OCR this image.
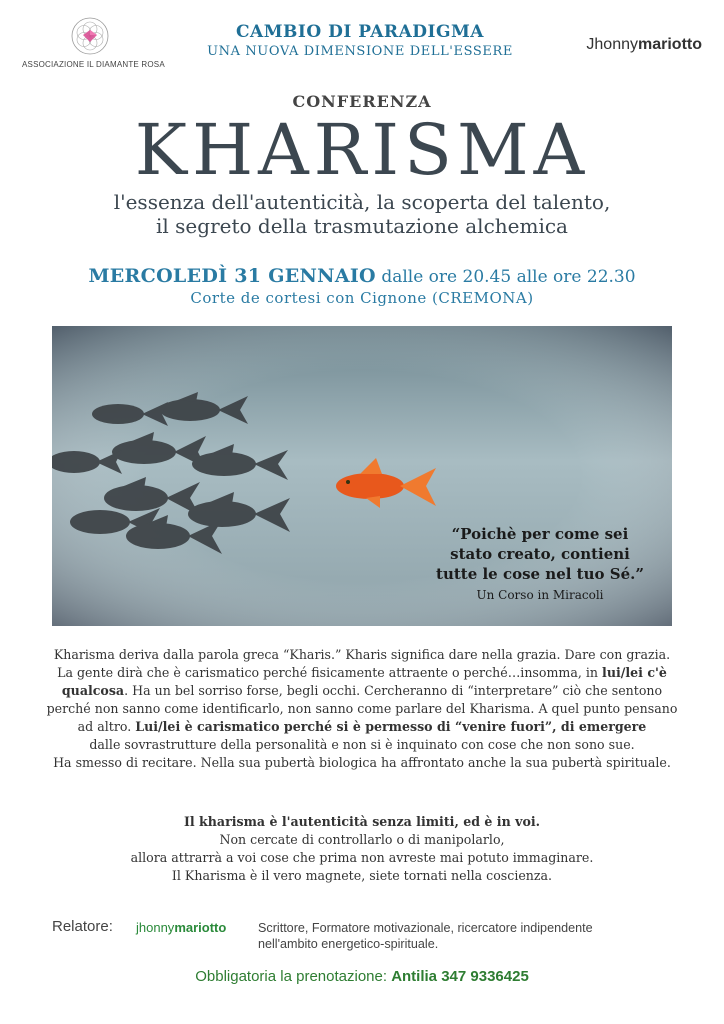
ASSOCIAZIONE IL DIAMANTE ROSA
CAMBIO DI PARADIGMA
UNA NUOVA DIMENSIONE DELL'ESSERE	Jhonnymariotto
CONFERENZA
KHARISMA
l'essenza dell'autenticità, la scoperta del talento,
il segreto della trasmutazione alchemica
MERCOLEDÌ 31 GENNAIO dalle ore 20.45 alle ore 22.30
Corte de cortesi con Cignone (CREMONA)
“Poichè per come sei
stato creato, contieni
tutte le cose nel tuo Sé.”
Un Corso in Miracoli

Kharisma deriva dalla parola greca “Kharis.” Kharis significa dare nella grazia. Dare con grazia.

La gente dirà che è carismatico perché fisicamente attraente o perché…insomma, in lui/lei c'è

qualcosa. Ha un bel sorriso forse, begli occhi. Cercheranno di “interpretare” ciò che sentono

perché non sanno come identificarlo, non sanno come parlare del Kharisma. A quel punto pensano

ad altro. Lui/lei è carismatico perché si è permesso di “venire fuori”, di emergere

dalle sovrastrutture della personalità e non si è inquinato con cose che non sono sue.

Ha smesso di recitare. Nella sua pubertà biologica ha affrontato anche la sua pubertà spirituale.

Il kharisma è l'autenticità senza limiti, ed è in voi.

Non cercate di controllarlo o di manipolarlo,

allora attrarrà a voi cose che prima non avreste mai potuto immaginare.

Il Kharisma è il vero magnete, siete tornati nella coscienza.

Relatore: jhonnymariotto	Scrittore, Formatore motivazionale, ricercatore indipendente
nell'ambito energetico-spirituale.
Obbligatoria la prenotazione: Antilia 347 9336425
